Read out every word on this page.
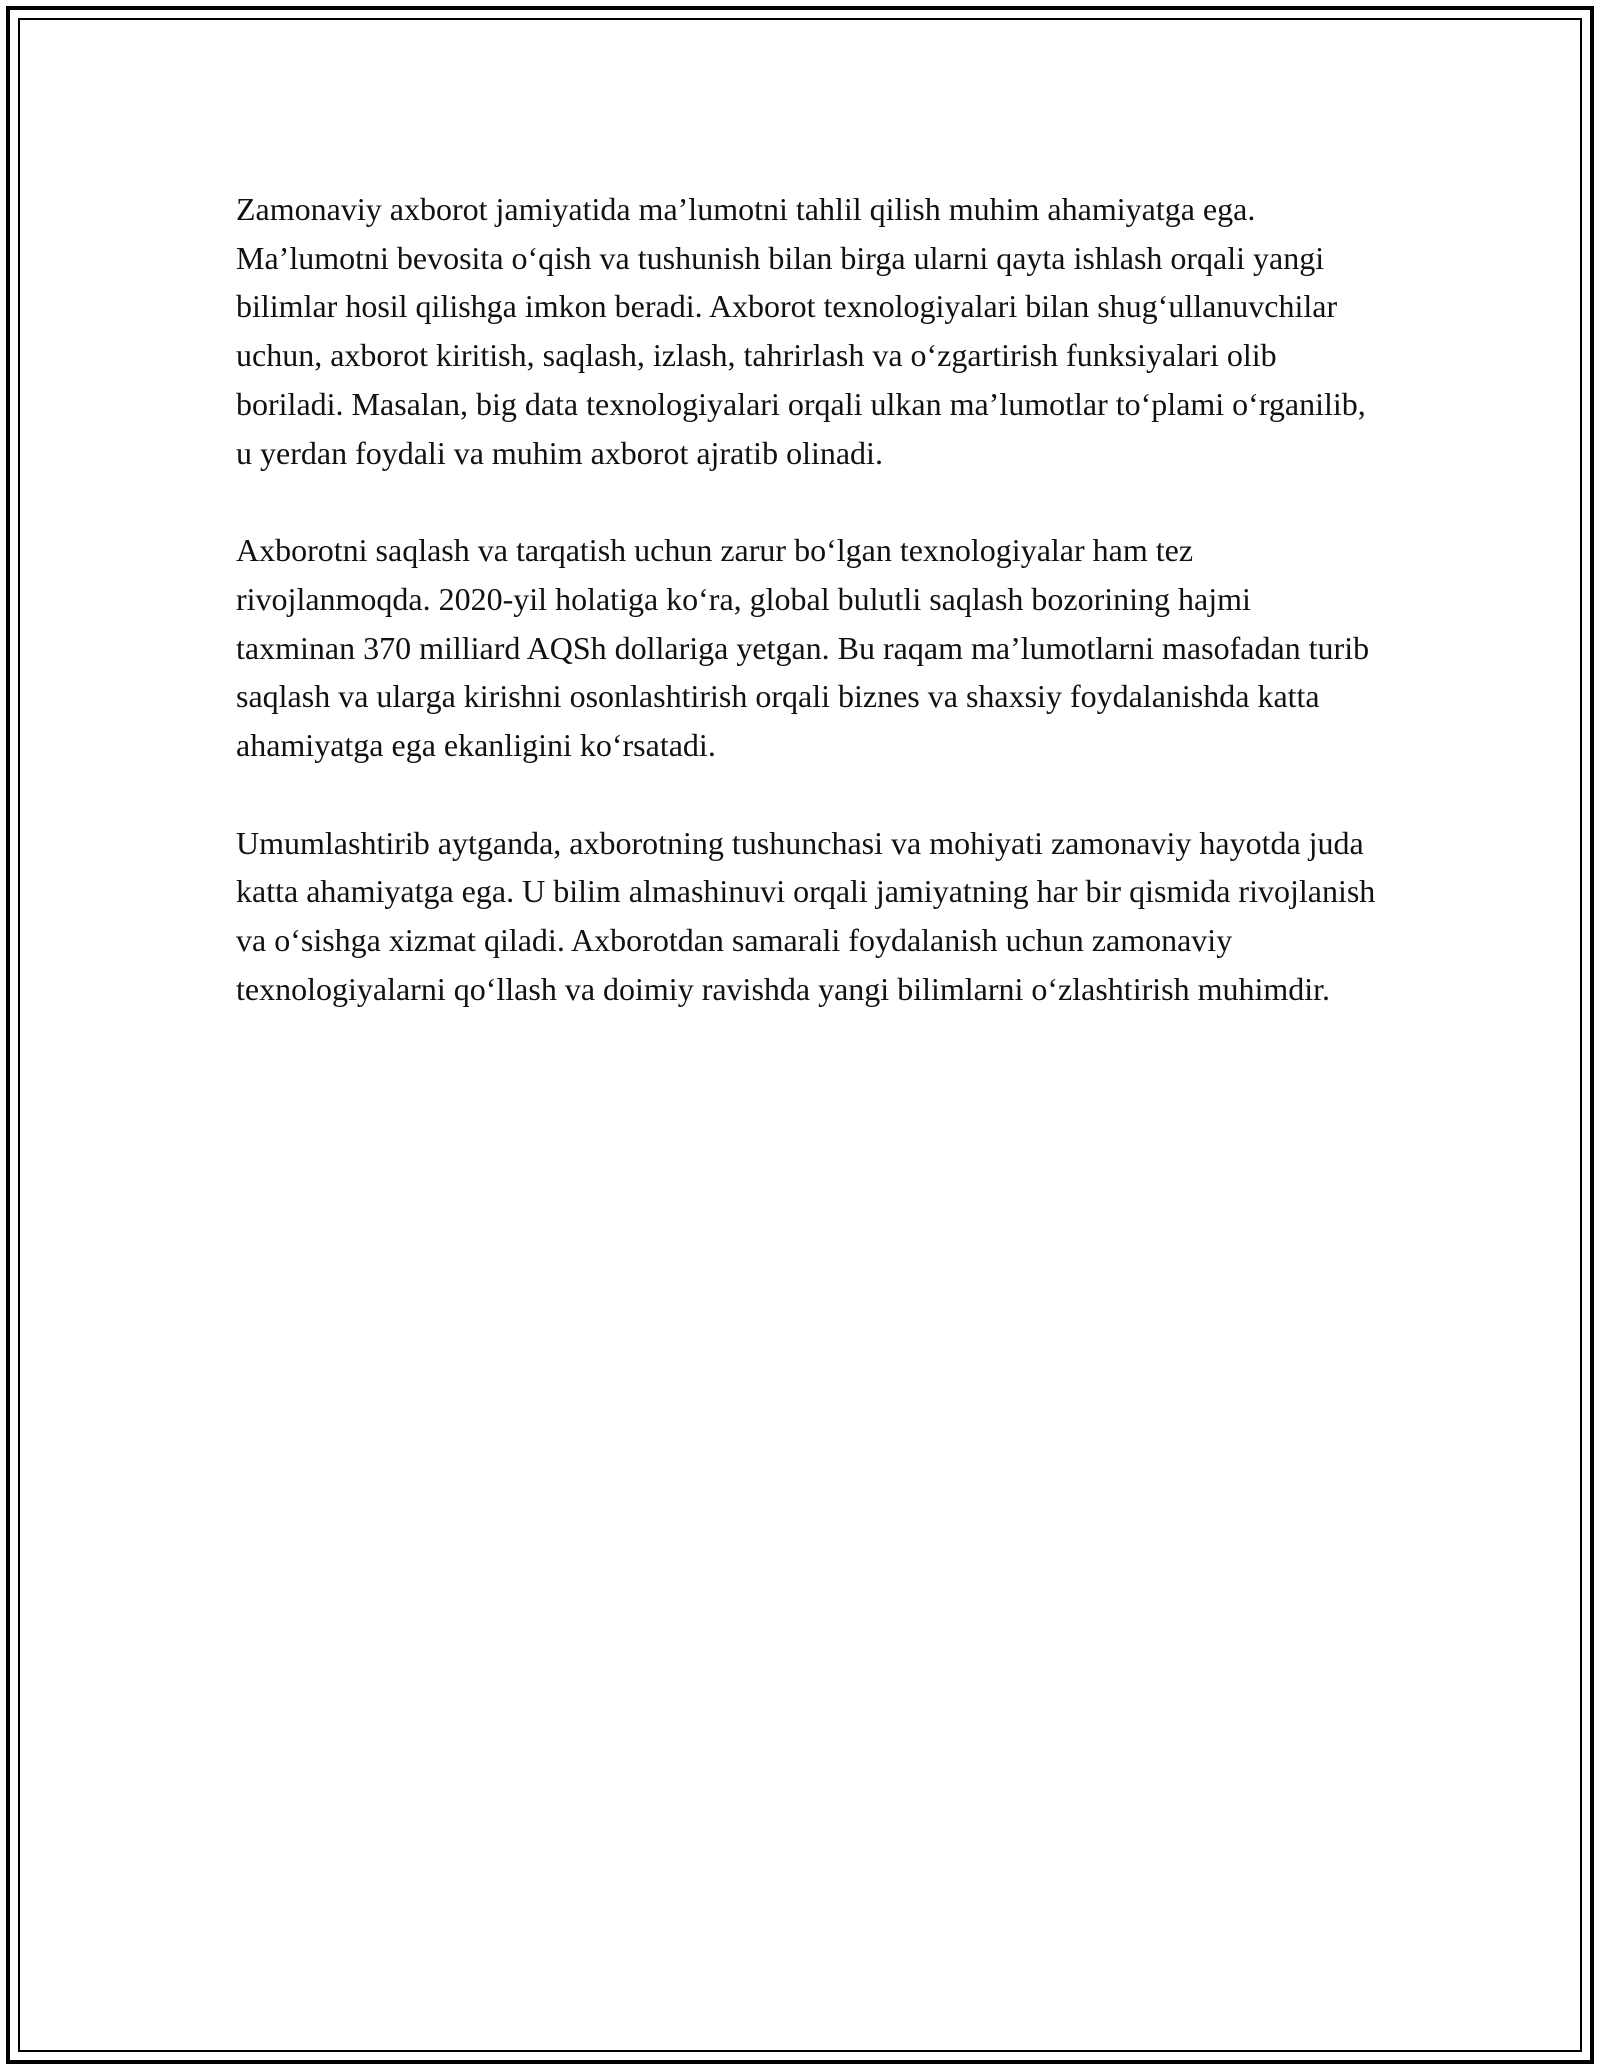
Zamonaviy axborot jamiyatida ma’lumotni tahlil qilish muhim ahamiyatga ega. Ma’lumotni bevosita o‘qish va tushunish bilan birga ularni qayta ishlash orqali yangi bilimlar hosil qilishga imkon beradi. Axborot texnologiyalari bilan shug‘ullanuvchilar uchun, axborot kiritish, saqlash, izlash, tahrirlash va o‘zgartirish funksiyalari olib boriladi. Masalan, big data texnologiyalari orqali ulkan ma’lumotlar to‘plami o‘rganilib, u yerdan foydali va muhim axborot ajratib olinadi.

Axborotni saqlash va tarqatish uchun zarur bo‘lgan texnologiyalar ham tez rivojlanmoqda. 2020-yil holatiga ko‘ra, global bulutli saqlash bozorining hajmi taxminan 370 milliard AQSh dollariga yetgan. Bu raqam ma’lumotlarni masofadan turib saqlash va ularga kirishni osonlashtirish orqali biznes va shaxsiy foydalanishda katta ahamiyatga ega ekanligini ko‘rsatadi.

Umumlashtirib aytganda, axborotning tushunchasi va mohiyati zamonaviy hayotda juda katta ahamiyatga ega. U bilim almashinuvi orqali jamiyatning har bir qismida rivojlanish va o‘sishga xizmat qiladi. Axborotdan samarali foydalanish uchun zamonaviy texnologiyalarni qo‘llash va doimiy ravishda yangi bilimlarni o‘zlashtirish muhimdir.
